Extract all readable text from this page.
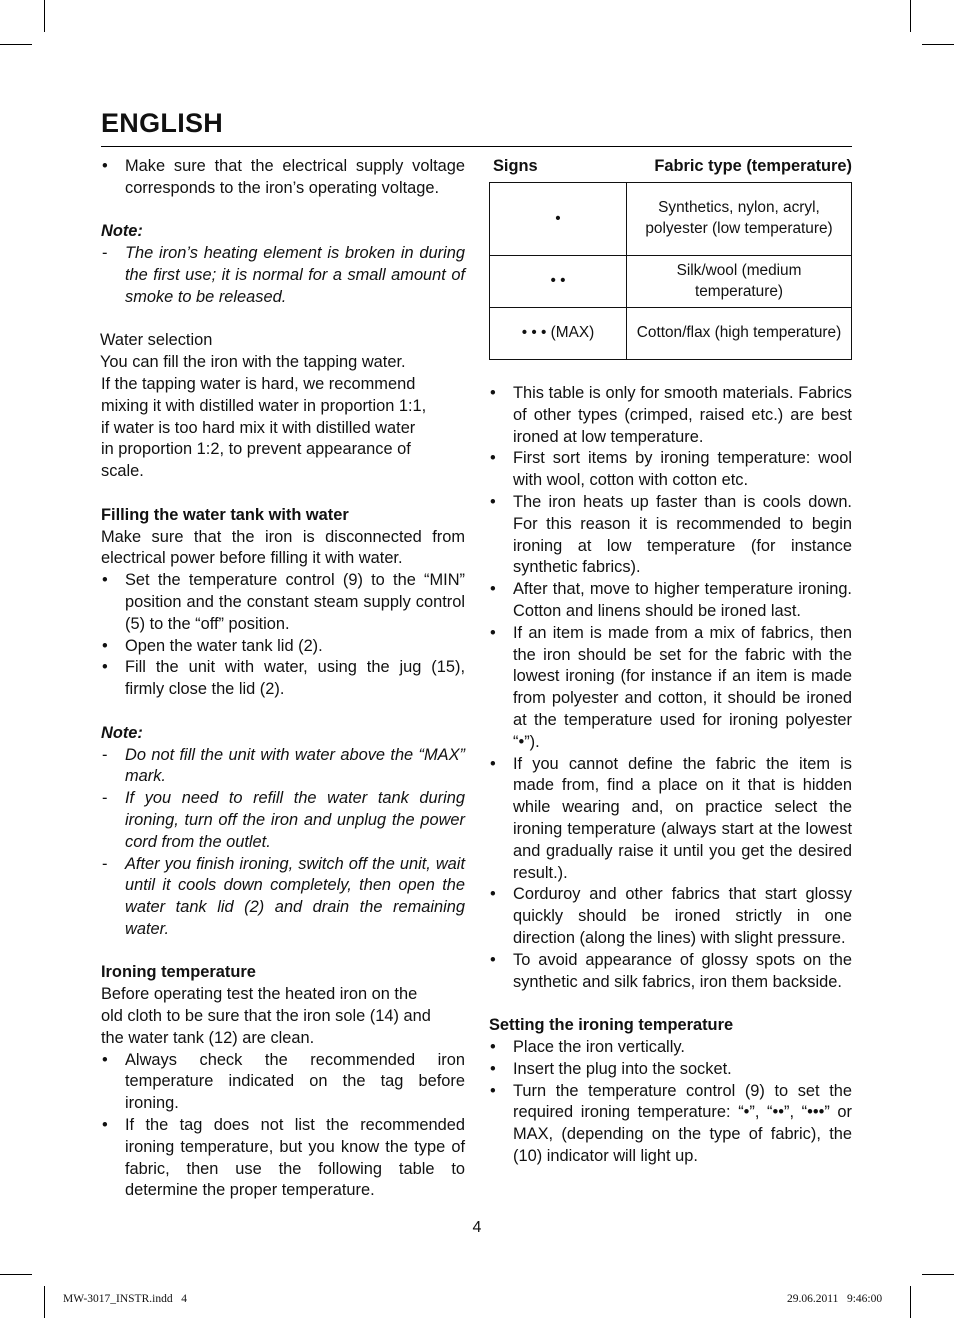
ENGLISH
• Make sure that the electrical supply voltage corresponds to the iron’s operating voltage.

Note:

- The iron’s heating element is broken in during the first use; it is normal for a small amount of smoke to be released.

Water selection

You can fill the iron with the tapping water.

If the tapping water is hard, we recommend

mixing it with distilled water in proportion 1:1,

if water is too hard mix it with distilled water

in proportion 1:2, to prevent appearance of

scale.

Filling the water tank with water

Make sure that the iron is disconnected from electrical power before filling it with water.

• Set the temperature control (9) to the “MIN” position and the constant steam supply control (5) to the “off” position.
• Open the water tank lid (2).
• Fill the unit with water, using the jug (15), firmly close the lid (2).

Note:

- Do not fill the unit with water above the “MAX” mark.
- If you need to refill the water tank during ironing, turn off the iron and unplug the power cord from the outlet.
- After you finish ironing, switch off the unit, wait until it cools down completely, then open the water tank lid (2) and drain the remaining water.

Ironing temperature

Before operating test the heated iron on the

old cloth to be sure that the iron sole (14) and

the water tank (12) are clean.

• Always check the recommended iron temperature indicated on the tag before ironing.
• If the tag does not list the recommended ironing temperature, but you know the type of fabric, then use the following table to determine the proper temperature.
Signs	Fabric type (temperature)
•	Synthetics, nylon, acryl, polyester (low temperature)
• •	Silk/wool (medium temperature)
• • • (MAX)	Cotton/flax (high temperature)
• This table is only for smooth materials. Fabrics of other types (crimped, raised etc.) are best ironed at low temperature.
• First sort items by ironing temperature: wool with wool, cotton with cotton etc.
• The iron heats up faster than is cools down. For this reason it is recommended to begin ironing at low temperature (for instance synthetic fabrics).
• After that, move to higher temperature ironing. Cotton and linens should be ironed last.
• If an item is made from a mix of fabrics, then the iron should be set for the fabric with the lowest ironing (for instance if an item is made from polyester and cotton, it should be ironed at the temperature used for ironing polyester “•”).
• If you cannot define the fabric the item is made from, find a place on it that is hidden while wearing and, on practice select the ironing temperature (always start at the lowest and gradually raise it until you get the desired result.).
• Corduroy and other fabrics that start glossy quickly should be ironed strictly in one direction (along the lines) with slight pressure.
• To avoid appearance of glossy spots on the synthetic and silk fabrics, iron them backside.

Setting the ironing temperature

• Place the iron vertically.
• Insert the plug into the socket.
• Turn the temperature control (9) to set the required ironing temperature: “•”, “••”, “•••” or MAX, (depending on the type of fabric), the (10) indicator will light up.
4
MW-3017_INSTR.indd   4	29.06.2011   9:46:00
